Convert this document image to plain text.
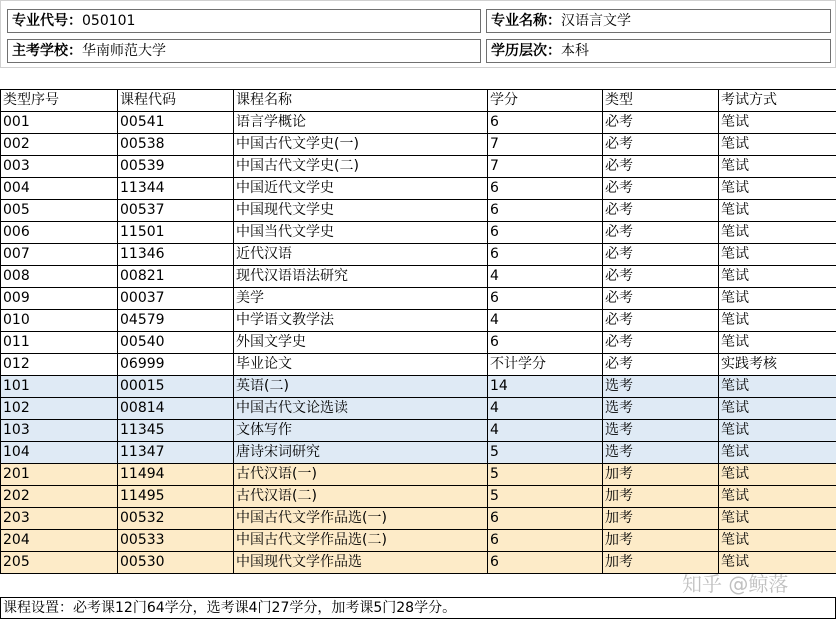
专业代号：050101	专业名称：汉语言文学
主考学校：华南师范大学	学历层次：本科
类型序号	课程代码	课程名称	学分	类型	考试方式
001	00541	语言学概论	6	必考	笔试
002	00538	中国古代文学史(一)	7	必考	笔试
003	00539	中国古代文学史(二)	7	必考	笔试
004	11344	中国近代文学史	6	必考	笔试
005	00537	中国现代文学史	6	必考	笔试
006	11501	中国当代文学史	6	必考	笔试
007	11346	近代汉语	6	必考	笔试
008	00821	现代汉语语法研究	4	必考	笔试
009	00037	美学	6	必考	笔试
010	04579	中学语文教学法	4	必考	笔试
011	00540	外国文学史	6	必考	笔试
012	06999	毕业论文	不计学分	必考	实践考核
101	00015	英语(二)	14	选考	笔试
102	00814	中国古代文论选读	4	选考	笔试
103	11345	文体写作	4	选考	笔试
104	11347	唐诗宋词研究	5	选考	笔试
201	11494	古代汉语(一)	5	加考	笔试
202	11495	古代汉语(二)	5	加考	笔试
203	00532	中国古代文学作品选(一)	6	加考	笔试
204	00533	中国古代文学作品选(二)	6	加考	笔试
205	00530	中国现代文学作品选	6	加考	笔试
课程设置：必考课12门64学分，选考课4门27学分，加考课5门28学分。
知乎 @鲸落
